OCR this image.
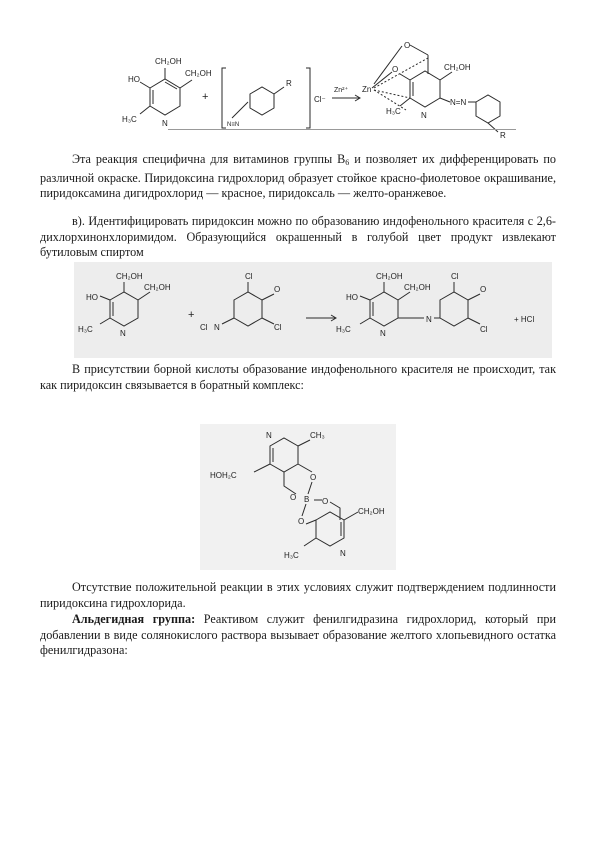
HO
CH₂OH
CH₂OH
H₃C	N
+
N≡N
R
Cl⁻
Zn²⁺ Zn
O
O	CH₂OH
H₃C	N
N=N
R

Эта реакция специфична для витаминов группы $В_6$ и позволяет их дифференцировать по различной окраске. Пиридоксина гидрохлорид образует стойкое красно-фиолетовое окрашивание, пиридоксамина дигидрохлорид — красное, пиридоксаль — желто-оранжевое.

в). Идентифицировать пиридоксин можно по образованию индофенольного красителя с 2,6-дихлорхинонхлоримидом. Образующийся окрашенный в голубой цвет продукт извлекают бутиловым спиртом

HO
CH₂OH
CH₂OH
H₃C	N
+
Cl
O
Cl N	Cl
HO
CH₂OH
CH₂OH
H₃C	N
N
Cl
O
Cl
+ HCl

В присутствии борной кислоты образование индофенольного красителя не происходит, так как пиридоксин связывается в боратный комплекс:

N	CH₃
HOH₂C	O
O B
O
O
CH₂OH
H₃C	N

Отсутствие положительной реакции в этих условиях служит подтверждением подлинности пиридоксина гидрохлорида.

Альдегидная группа: Реактивом служит фенилгидразина гидрохлорид, который при добавлении в виде солянокислого раствора вызывает образование желтого хлопьевидного остатка фенилгидразона:
